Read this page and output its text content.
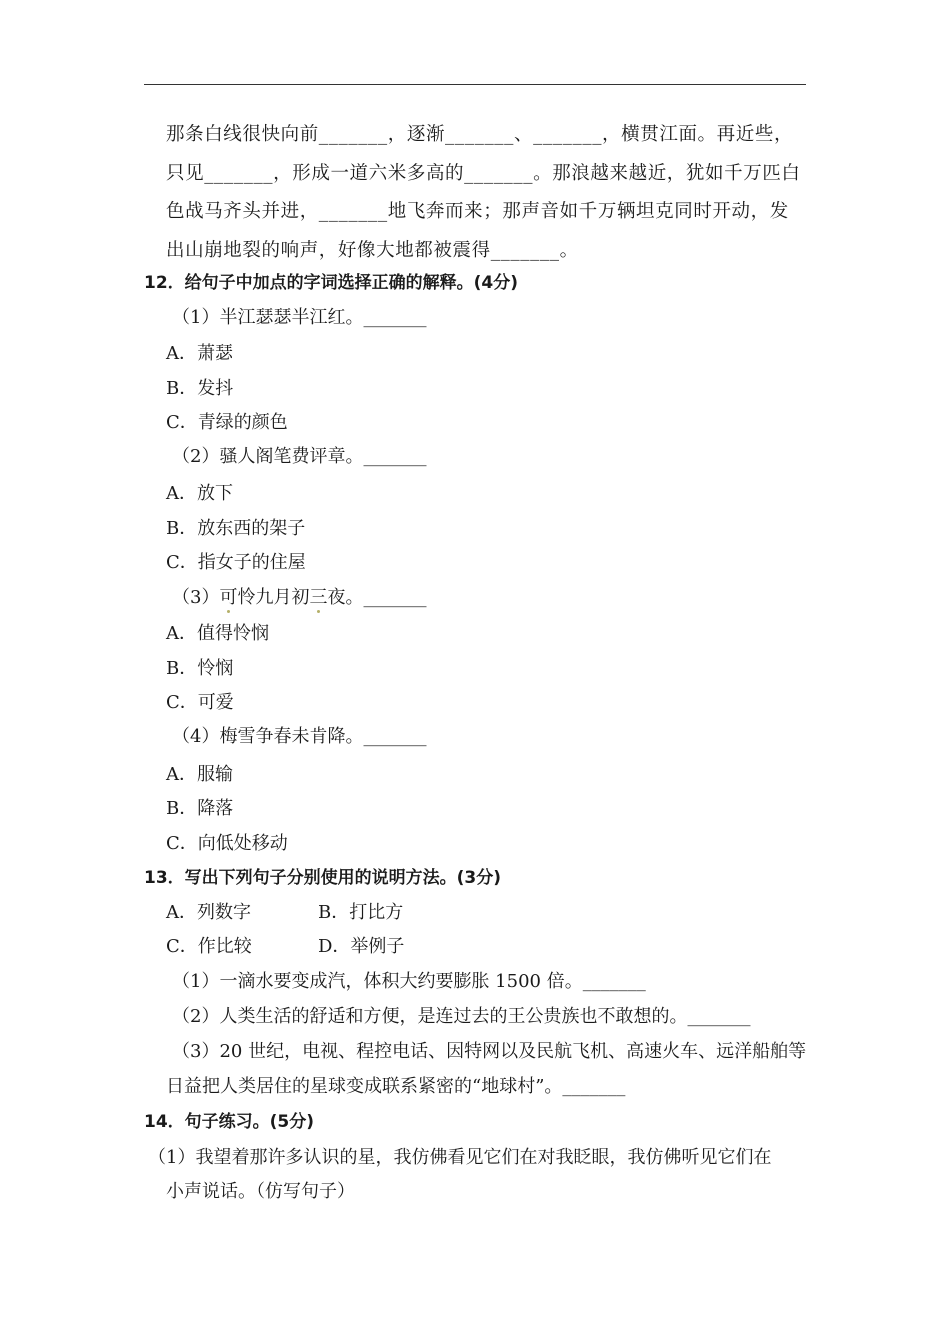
那条白线很快向前_______，逐渐_______、_______，横贯江面。再近些，只见_______，形成一道六米多高的_______。那浪越来越近，犹如千万匹白色战马齐头并进，_______地飞奔而来；那声音如千万辆坦克同时开动，发出山崩地裂的响声，好像大地都被震得_______。

12．给句子中加点的字词选择正确的解释。(4分)
（1）半江瑟瑟半江红。_______
A．萧瑟
B．发抖
C．青绿的颜色
（2）骚人阁笔费评章。_______
A．放下
B．放东西的架子
C．指女子的住屋
（3）可怜九月初三夜。_______
A．值得怜悯
B．怜悯
C．可爱
（4）梅雪争春未肯降。_______
A．服输
B．降落
C．向低处移动
13．写出下列句子分别使用的说明方法。(3分)
A．列数字	B．打比方
C．作比较	D．举例子
（1）一滴水要变成汽，体积大约要膨胀 1500 倍。_______
（2）人类生活的舒适和方便，是连过去的王公贵族也不敢想的。_______
（3）20 世纪，电视、程控电话、因特网以及民航飞机、高速火车、远洋船舶等
日益把人类居住的星球变成联系紧密的“地球村”。_______
14．句子练习。(5分)
（1）我望着那许多认识的星，我仿佛看见它们在对我眨眼，我仿佛听见它们在
小声说话。（仿写句子）
